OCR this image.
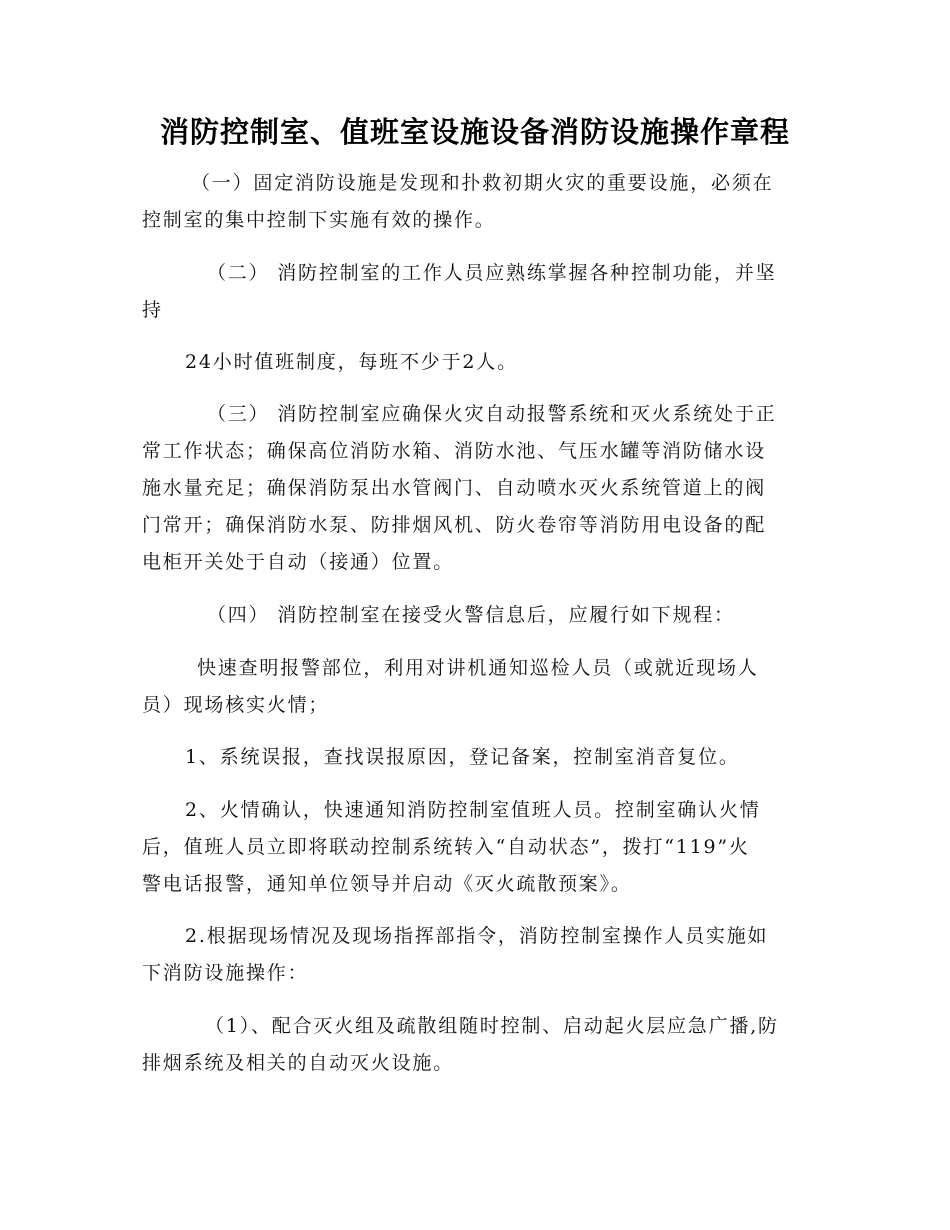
消防控制室、值班室设施设备消防设施操作章程
（一）固定消防设施是发现和扑救初期火灾的重要设施，必须在
控制室的集中控制下实施有效的操作。
（二） 消防控制室的工作人员应熟练掌握各种控制功能，并坚
持
24小时值班制度，每班不少于2人。
（三） 消防控制室应确保火灾自动报警系统和灭火系统处于正
常工作状态；确保高位消防水箱、消防水池、气压水罐等消防储水设
施水量充足；确保消防泵出水管阀门、自动喷水灭火系统管道上的阀
门常开；确保消防水泵、防排烟风机、防火卷帘等消防用电设备的配
电柜开关处于自动（接通）位置。
（四） 消防控制室在接受火警信息后，应履行如下规程：
快速查明报警部位，利用对讲机通知巡检人员（或就近现场人
员）现场核实火情；
1、系统误报，查找误报原因，登记备案，控制室消音复位。
2、火情确认，快速通知消防控制室值班人员。控制室确认火情
后，值班人员立即将联动控制系统转入“自动状态”，拨打“119”火
警电话报警，通知单位领导并启动《灭火疏散预案》。
2.根据现场情况及现场指挥部指令，消防控制室操作人员实施如
下消防设施操作：
（1）、配合灭火组及疏散组随时控制、启动起火层应急广播,防
排烟系统及相关的自动灭火设施。
